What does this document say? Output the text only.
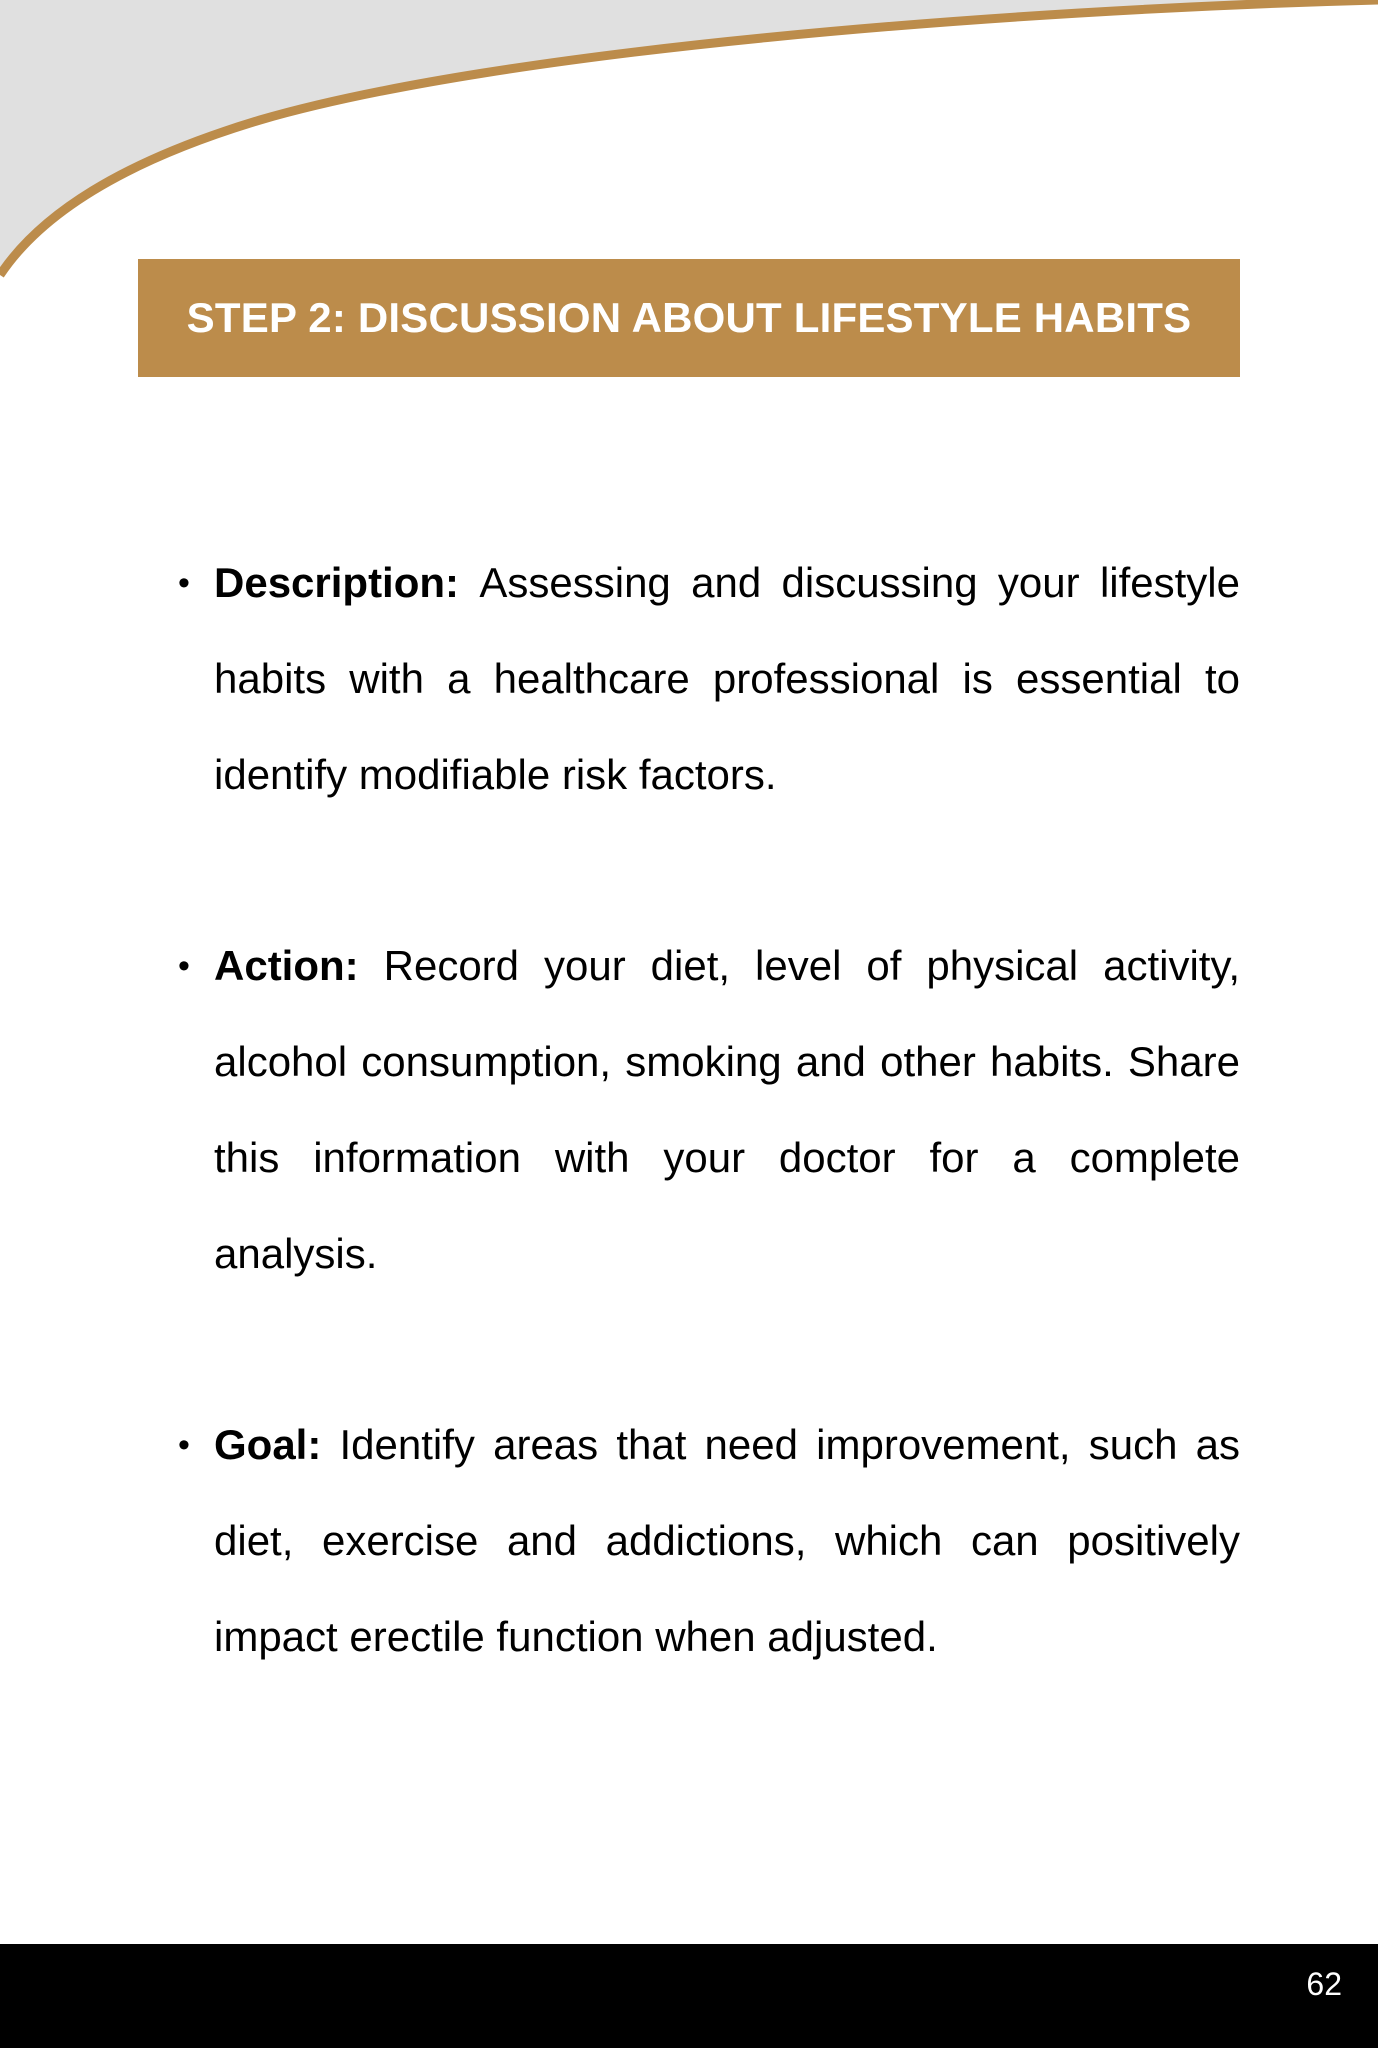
STEP 2: DISCUSSION ABOUT LIFESTYLE HABITS

• Description: Assessing and discussing your lifestyle habits with a healthcare professional is essential to identify modifiable risk factors.

• Action: Record your diet, level of physical activity, alcohol consumption, smoking and other habits. Share this information with your doctor for a complete analysis.

• Goal: Identify areas that need improvement, such as diet, exercise and addictions, which can positively impact erectile function when adjusted.

62
